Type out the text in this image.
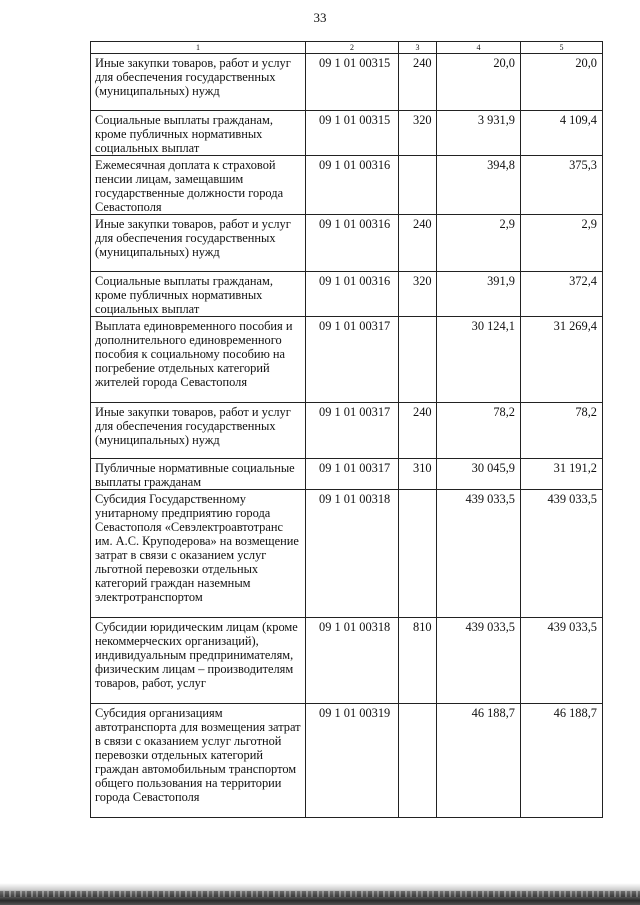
33
1	2	3	4	5
Иные закупки товаров, работ и услуг для обеспечения государственных (муниципальных) нужд	09 1 01 00315	240	20,0	20,0
Социальные выплаты гражданам, кроме публичных нормативных социальных выплат	09 1 01 00315	320	3 931,9	4 109,4
Ежемесячная доплата к страховой пенсии лицам, замещавшим государственные должности города Севастополя	09 1 01 00316		394,8	375,3
Иные закупки товаров, работ и услуг для обеспечения государственных (муниципальных) нужд	09 1 01 00316	240	2,9	2,9
Социальные выплаты гражданам, кроме публичных нормативных социальных выплат	09 1 01 00316	320	391,9	372,4
Выплата единовременного пособия и дополнительного единовременного пособия к социальному пособию на погребение отдельных категорий жителей города Севастополя	09 1 01 00317		30 124,1	31 269,4
Иные закупки товаров, работ и услуг для обеспечения государственных (муниципальных) нужд	09 1 01 00317	240	78,2	78,2
Публичные нормативные социальные выплаты гражданам	09 1 01 00317	310	30 045,9	31 191,2
Субсидия Государственному унитарному предприятию города Севастополя «Севэлектроавтотранс им. А.С. Круподерова» на возмещение затрат в связи с оказанием услуг льготной перевозки отдельных категорий граждан наземным электротранспортом	09 1 01 00318		439 033,5	439 033,5
Субсидии юридическим лицам (кроме некоммерческих организаций), индивидуальным предпринимателям, физическим лицам – производителям товаров, работ, услуг	09 1 01 00318	810	439 033,5	439 033,5
Субсидия организациям автотранспорта для возмещения затрат в связи с оказанием услуг льготной перевозки отдельных категорий граждан автомобильным транспортом общего пользования на территории города Севастополя	09 1 01 00319		46 188,7	46 188,7
